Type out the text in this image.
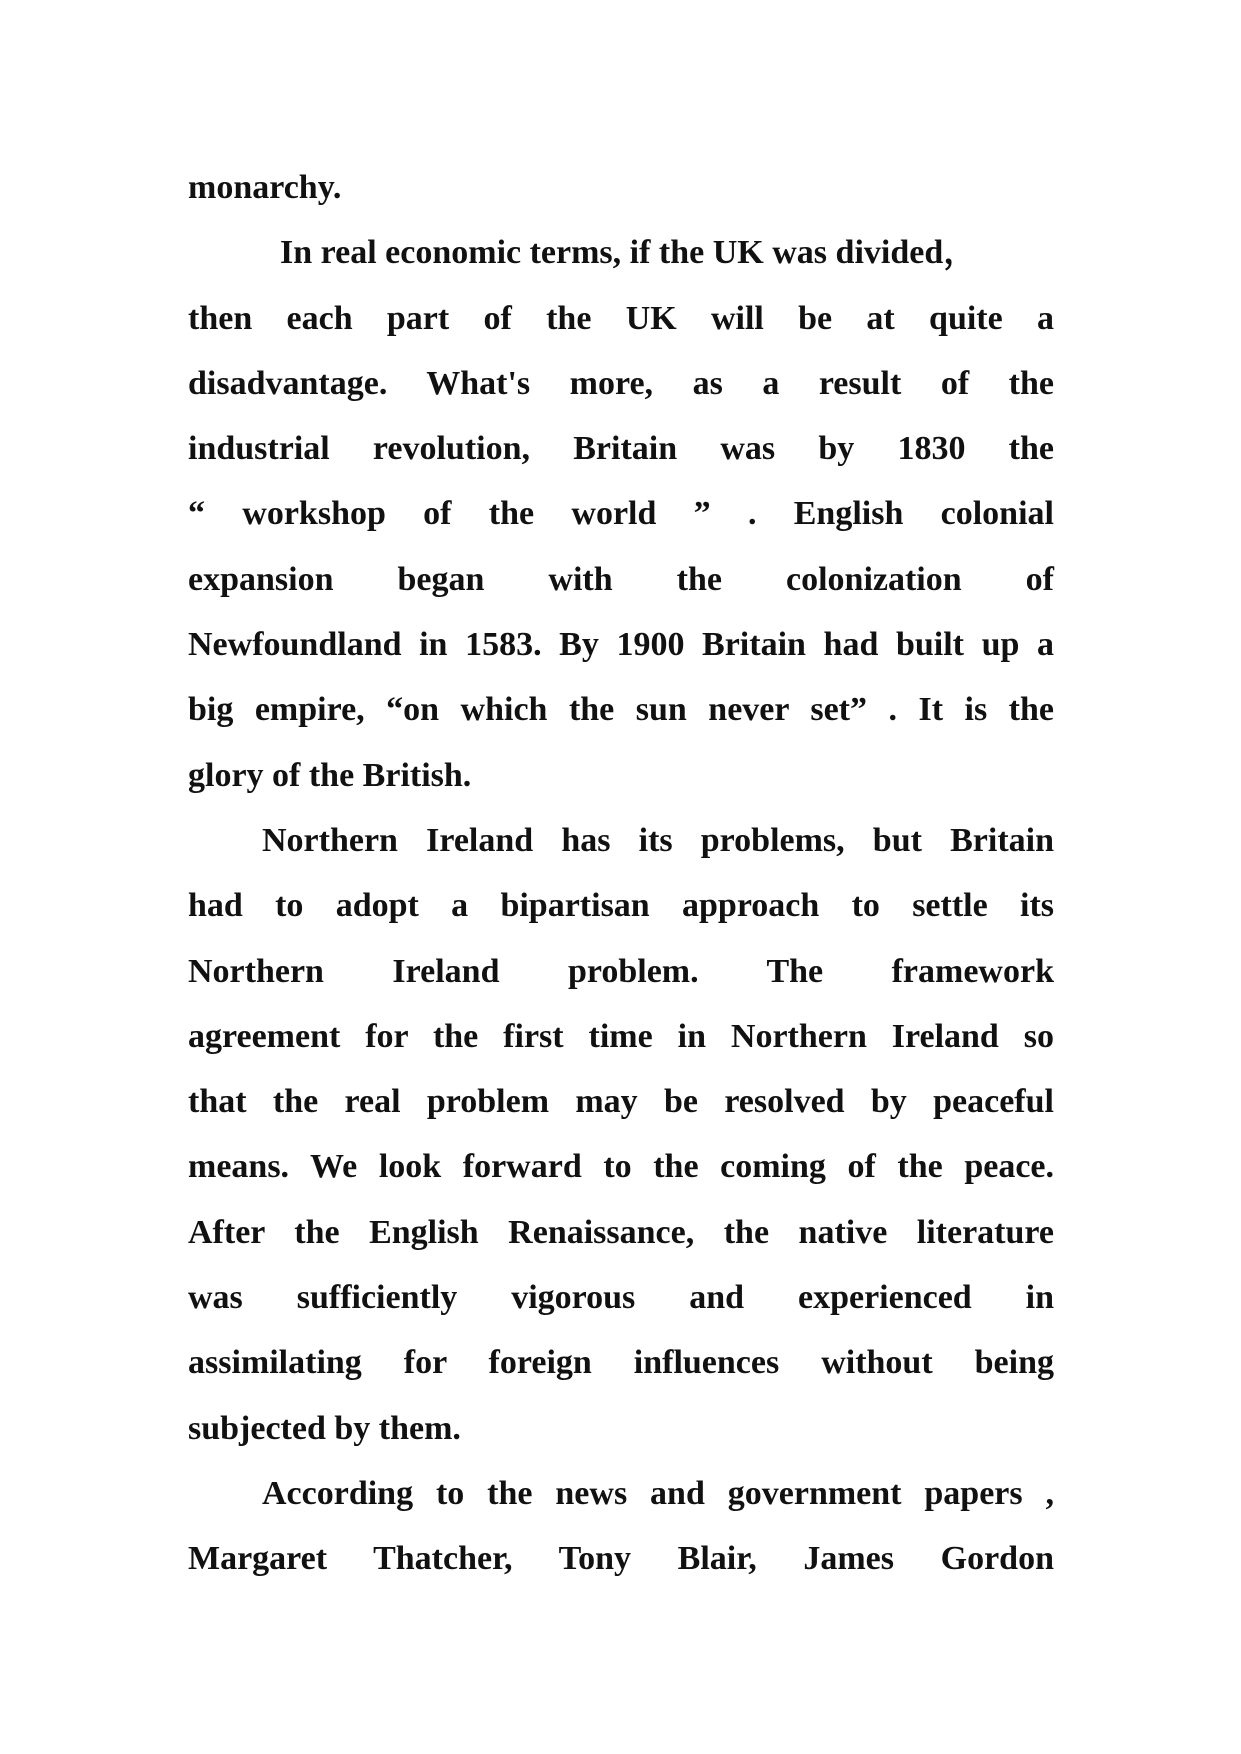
monarchy.
In real economic terms, if the UK was divided，
then each part of the UK will be at quite a
disadvantage. What's more, as a result of the
industrial revolution, Britain was by 1830 the
“ workshop of the world ” . English colonial
expansion began with the colonization of
Newfoundland in 1583. By 1900 Britain had built up a
big empire, “on which the sun never set” . It is the
glory of the British.
Northern Ireland has its problems, but Britain
had to adopt a bipartisan approach to settle its
Northern Ireland problem. The framework
agreement for the first time in Northern Ireland so
that the real problem may be resolved by peaceful
means. We look forward to the coming of the peace.
After the English Renaissance, the native literature
was sufficiently vigorous and experienced in
assimilating for foreign influences without being
subjected by them.
According to the news and government papers ,
Margaret Thatcher, Tony Blair, James Gordon
